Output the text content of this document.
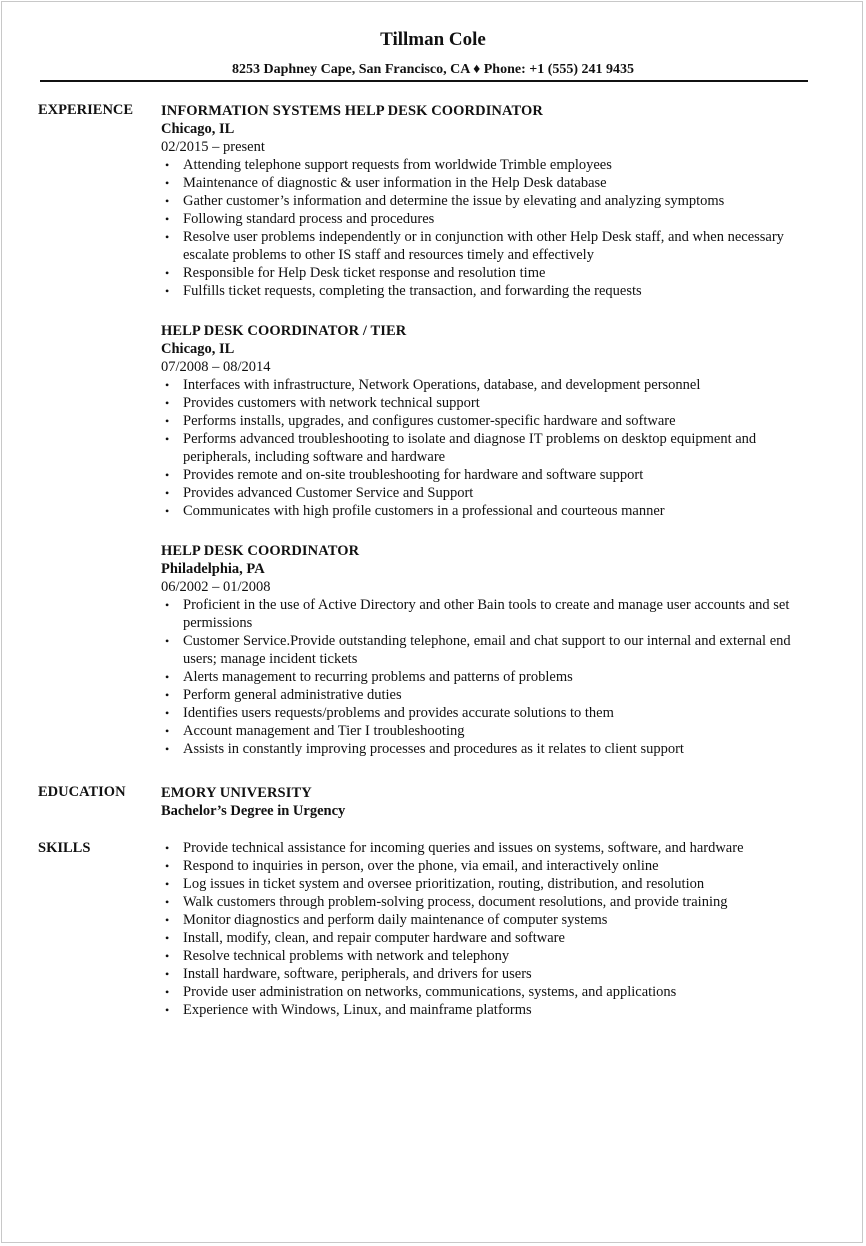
Tillman Cole
8253 Daphney Cape, San Francisco, CA ♦ Phone: +1 (555) 241 9435
EXPERIENCE INFORMATION SYSTEMS HELP DESK COORDINATOR
Chicago, IL
02/2015 – present
• Attending telephone support requests from worldwide Trimble employees
• Maintenance of diagnostic & user information in the Help Desk database
• Gather customer’s information and determine the issue by elevating and analyzing symptoms
• Following standard process and procedures
• Resolve user problems independently or in conjunction with other Help Desk staff, and when necessary escalate problems to other IS staff and resources timely and effectively
• Responsible for Help Desk ticket response and resolution time
• Fulfills ticket requests, completing the transaction, and forwarding the requests
HELP DESK COORDINATOR / TIER
Chicago, IL
07/2008 – 08/2014
• Interfaces with infrastructure, Network Operations, database, and development personnel
• Provides customers with network technical support
• Performs installs, upgrades, and configures customer-specific hardware and software
• Performs advanced troubleshooting to isolate and diagnose IT problems on desktop equipment and peripherals, including software and hardware
• Provides remote and on-site troubleshooting for hardware and software support
• Provides advanced Customer Service and Support
• Communicates with high profile customers in a professional and courteous manner
HELP DESK COORDINATOR
Philadelphia, PA
06/2002 – 01/2008
• Proficient in the use of Active Directory and other Bain tools to create and manage user accounts and set permissions
• Customer Service.Provide outstanding telephone, email and chat support to our internal and external end users; manage incident tickets
• Alerts management to recurring problems and patterns of problems
• Perform general administrative duties
• Identifies users requests/problems and provides accurate solutions to them
• Account management and Tier I troubleshooting
• Assists in constantly improving processes and procedures as it relates to client support
EDUCATION EMORY UNIVERSITY
Bachelor’s Degree in Urgency
SKILLS	• Provide technical assistance for incoming queries and issues on systems, software, and hardware
• Respond to inquiries in person, over the phone, via email, and interactively online
• Log issues in ticket system and oversee prioritization, routing, distribution, and resolution
• Walk customers through problem-solving process, document resolutions, and provide training
• Monitor diagnostics and perform daily maintenance of computer systems
• Install, modify, clean, and repair computer hardware and software
• Resolve technical problems with network and telephony
• Install hardware, software, peripherals, and drivers for users
• Provide user administration on networks, communications, systems, and applications
• Experience with Windows, Linux, and mainframe platforms
